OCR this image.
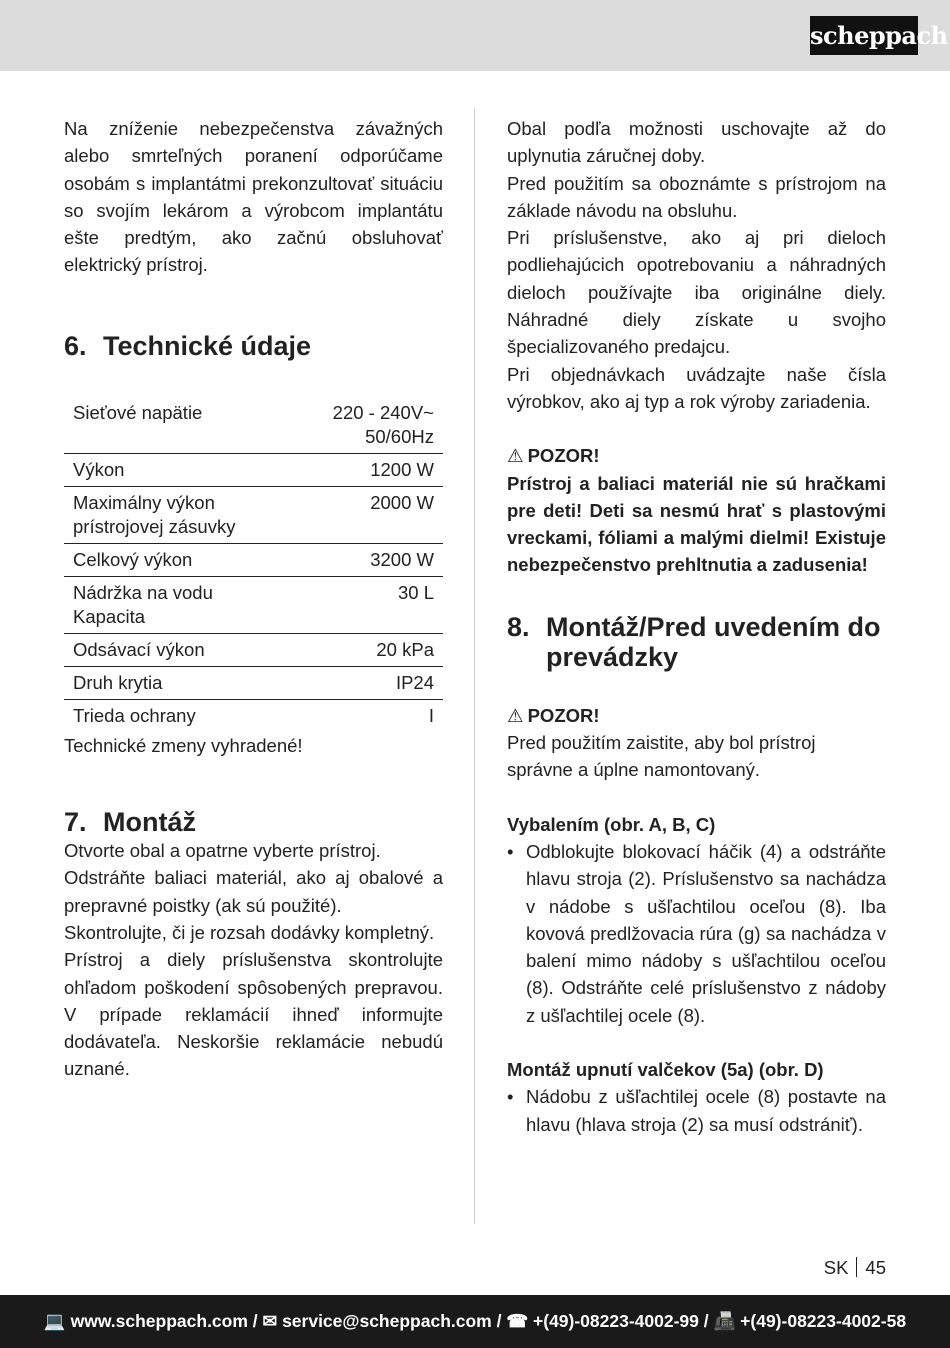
scheppach

Na zníženie nebezpečenstva závažných alebo smrteľných poranení odporúčame osobám s implantátmi prekonzultovať situáciu so svojím lekárom a výrobcom implantátu ešte predtým, ako začnú obsluhovať elektrický prístroj.

6. Technické údaje
Sieťové napätie	220 - 240V~ 50/60Hz
Výkon	1200 W
Maximálny výkon prístrojovej zásuvky	2000 W
Celkový výkon	3200 W
Nádržka na vodu Kapacita	30 L
Odsávací výkon	20 kPa
Druh krytia	IP24
Trieda ochrany	I

Technické zmeny vyhradené!

7. Montáž

Otvorte obal a opatrne vyberte prístroj.

Odstráňte baliaci materiál, ako aj obalové a prepravné poistky (ak sú použité).

Skontrolujte, či je rozsah dodávky kompletný.

Prístroj a diely príslušenstva skontrolujte ohľadom poškodení spôsobených prepravou. V prípade reklamácií ihneď informujte dodávateľa. Neskoršie reklamácie nebudú uznané.

Obal podľa možnosti uschovajte až do uplynutia záručnej doby.

Pred použitím sa oboznámte s prístrojom na základe návodu na obsluhu.

Pri príslušenstve, ako aj pri dieloch podliehajúcich opotrebovaniu a náhradných dieloch používajte iba originálne diely. Náhradné diely získate u svojho špecializovaného predajcu.

Pri objednávkach uvádzajte naše čísla výrobkov, ako aj typ a rok výroby zariadenia.

⚠ POZOR!

Prístroj a baliaci materiál nie sú hračkami pre deti! Deti sa nesmú hrať s plastovými vreckami, fóliami a malými dielmi! Existuje nebezpečenstvo prehltnutia a zadusenia!

8. Montáž/Pred uvedením do prevádzky
⚠ POZOR!

Pred použitím zaistite, aby bol prístroj správne a úplne namontovaný.

Vybalením (obr. A, B, C)
• Odblokujte blokovací háčik (4) a odstráňte hlavu stroja (2). Príslušenstvo sa nachádza v nádobe s ušľachtilou oceľou (8). Iba kovová predlžovacia rúra (g) sa nachádza v balení mimo nádoby s ušľachtilou oceľou (8). Odstráňte celé príslušenstvo z nádoby z ušľachtilej ocele (8).
Montáž upnutí valčekov (5a) (obr. D)
• Nádobu z ušľachtilej ocele (8) postavte na hlavu (hlava stroja (2) sa musí odstrániť).
SK 45
💻 www.scheppach.com / ✉ service@scheppach.com / ☎ +(49)-08223-4002-99 / 📠 +(49)-08223-4002-58
